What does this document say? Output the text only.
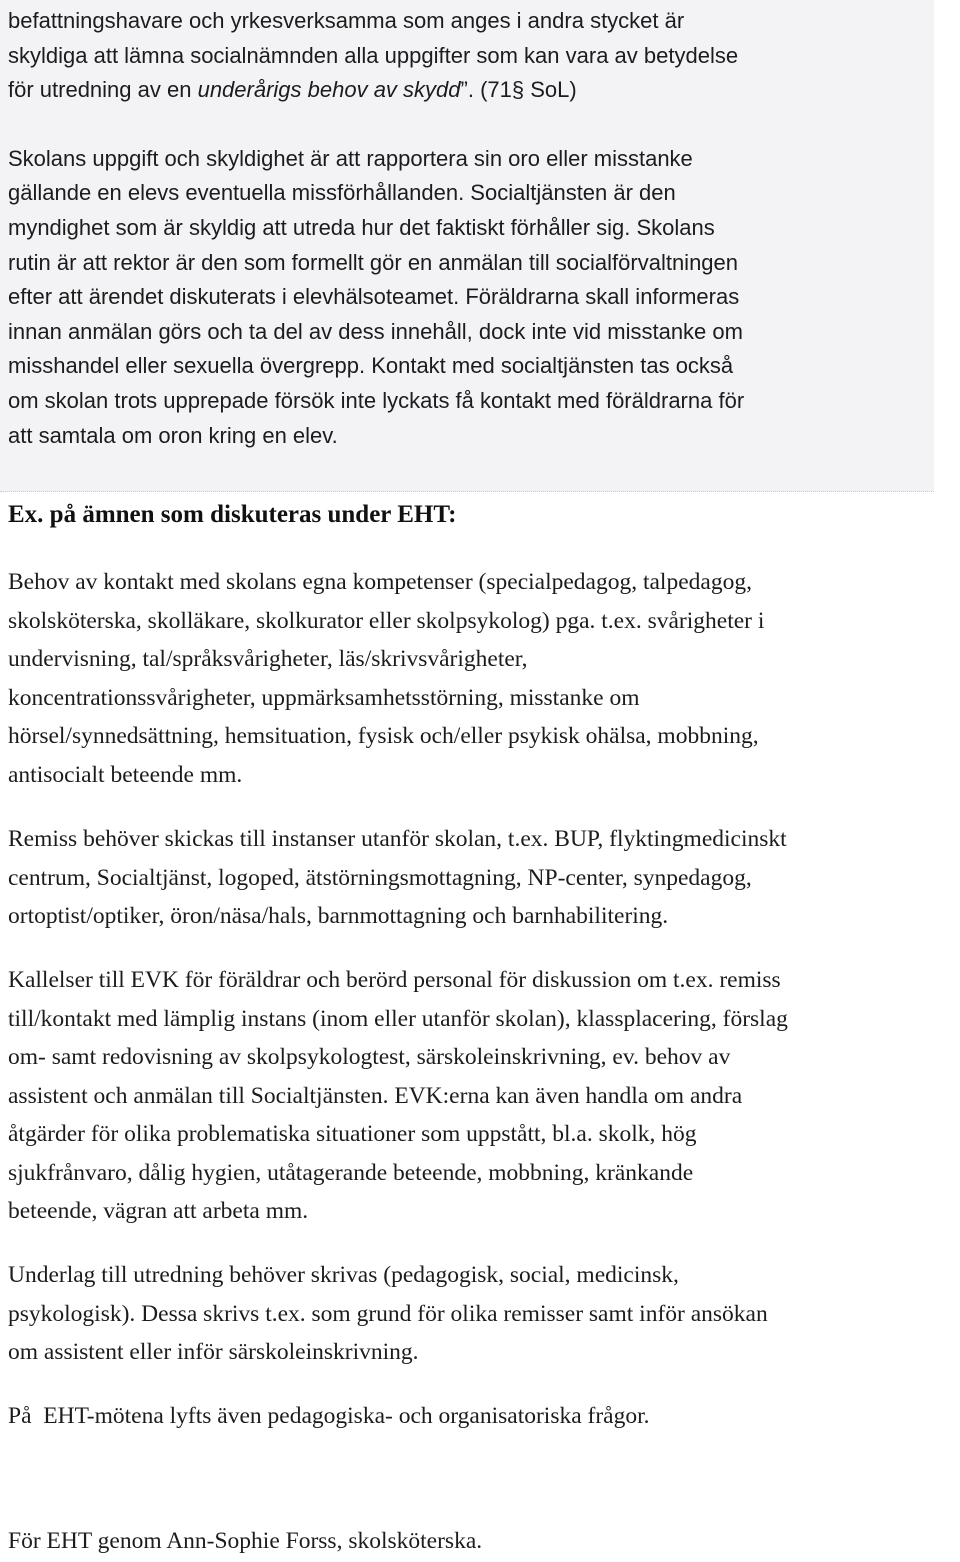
befattningshavare och yrkesverksamma som anges i andra stycket är
skyldiga att lämna socialnämnden alla uppgifter som kan vara av betydelse
för utredning av en underårigs behov av skydd”. (71§ SoL)

Skolans uppgift och skyldighet är att rapportera sin oro eller misstanke
gällande en elevs eventuella missförhållanden. Socialtjänsten är den
myndighet som är skyldig att utreda hur det faktiskt förhåller sig. Skolans
rutin är att rektor är den som formellt gör en anmälan till socialförvaltningen
efter att ärendet diskuterats i elevhälsoteamet. Föräldrarna skall informeras
innan anmälan görs och ta del av dess innehåll, dock inte vid misstanke om
misshandel eller sexuella övergrepp. Kontakt med socialtjänsten tas också
om skolan trots upprepade försök inte lyckats få kontakt med föräldrarna för
att samtala om oron kring en elev.

Ex. på ämnen som diskuteras under EHT:

Behov av kontakt med skolans egna kompetenser (specialpedagog, talpedagog,
skolsköterska, skolläkare, skolkurator eller skolpsykolog) pga. t.ex. svårigheter i
undervisning, tal/språksvårigheter, läs/skrivsvårigheter,
koncentrationssvårigheter, uppmärksamhetsstörning, misstanke om
hörsel/synnedsättning, hemsituation, fysisk och/eller psykisk ohälsa, mobbning,
antisocialt beteende mm.

Remiss behöver skickas till instanser utanför skolan, t.ex. BUP, flyktingmedicinskt
centrum, Socialtjänst, logoped, ätstörningsmottagning, NP-center, synpedagog,
ortoptist/optiker, öron/näsa/hals, barnmottagning och barnhabilitering.

Kallelser till EVK för föräldrar och berörd personal för diskussion om t.ex. remiss
till/kontakt med lämplig instans (inom eller utanför skolan), klassplacering, förslag
om- samt redovisning av skolpsykologtest, särskoleinskrivning, ev. behov av
assistent och anmälan till Socialtjänsten. EVK:erna kan även handla om andra
åtgärder för olika problematiska situationer som uppstått, bl.a. skolk, hög
sjukfrånvaro, dålig hygien, utåtagerande beteende, mobbning, kränkande
beteende, vägran att arbeta mm.

Underlag till utredning behöver skrivas (pedagogisk, social, medicinsk,
psykologisk). Dessa skrivs t.ex. som grund för olika remisser samt inför ansökan
om assistent eller inför särskoleinskrivning.

På  EHT-mötena lyfts även pedagogiska- och organisatoriska frågor.

För EHT genom Ann-Sophie Forss, skolsköterska.
